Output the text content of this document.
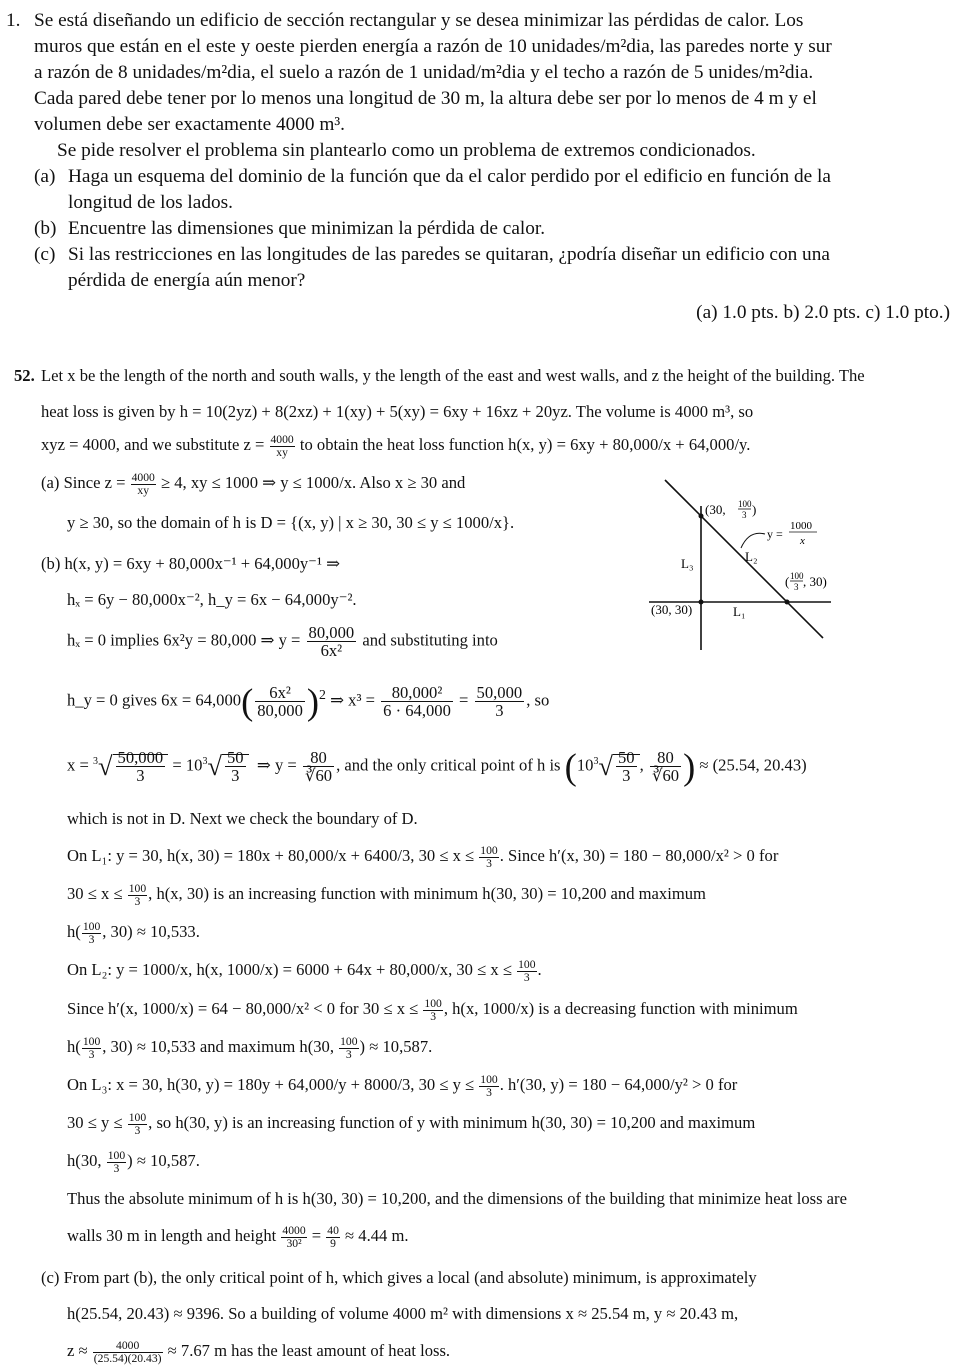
1. Se está diseñando un edificio de sección rectangular y se desea minimizar las pérdidas de calor. Los
muros que están en el este y oeste pierden energía a razón de 10 unidades/m²dia, las paredes norte y sur
a razón de 8 unidades/m²dia, el suelo a razón de 1 unidad/m²dia y el techo a razón de 5 unides/m²dia.
Cada pared debe tener por lo menos una longitud de 30 m, la altura debe ser por lo menos de 4 m y el
volumen debe ser exactamente 4000 m³.
Se pide resolver el problema sin plantearlo como un problema de extremos condicionados.
(a) Haga un esquema del dominio de la función que da el calor perdido por el edificio en función de la
longitud de los lados.
(b) Encuentre las dimensiones que minimizan la pérdida de calor.
(c) Si las restricciones en las longitudes de las paredes se quitaran, ¿podría diseñar un edificio con una
pérdida de energía aún menor?
(a) 1.0 pts. b) 2.0 pts. c) 1.0 pto.)
52. Let x be the length of the north and south walls, y the length of the east and west walls, and z the height of the building. The
heat loss is given by h = 10(2yz) + 8(2xz) + 1(xy) + 5(xy) = 6xy + 16xz + 20yz. The volume is 4000 m³, so
xyz = 4000, and we substitute $z = \frac{4000}{xy}$ to obtain the heat loss function h(x, y) = 6xy + 80,000/x + 64,000/y.
(a) Since $z = \frac{4000}{xy} \ge 4$, xy ≤ 1000 ⇒ y ≤ 1000/x. Also x ≥ 30 and
y ≥ 30, so the domain of h is D = {(x, y) | x ≥ 30, 30 ≤ y ≤ 1000/x}.
(b) h(x, y) = 6xy + 80,000x⁻¹ + 64,000y⁻¹ ⇒
hₓ = 6y − 80,000x⁻², h_y = 6x − 64,000y⁻².
hₓ = 0 implies 6x²y = 80,000 ⇒ $y = \frac{80,000}{\text{6x²}}$ and substituting into
h_y = 0 gives $6x = 64,000( \frac{\text{6x²}}{80,000} )^2$ ⇒ $x^3 = \frac{\text{80,000²}}{6 \cdot 64,000} = \frac{50,000}{3}$ , so
$x = ^3√ \frac{50,000}{3} = 10^3√ \frac{50}{3}$ ⇒ $y = \frac{80}{∛60}$ , and the only critical point of h is ($10^3√ \frac{50}{3}$ , $\frac{80}{∛60}$ ) ≈ (25.54, 20.43)
which is not in D. Next we check the boundary of D.
On L₁: y = 30, h(x, 30) = 180x + 80,000/x + 6400/3, $30 \le x \le \frac{100}{3}$ . Since h′(x, 30) = 180 − 80,000/x² > 0 for
$30 \le x \le \frac{100}{3}$ , h(x, 30) is an increasing function with minimum h(30, 30) = 10,200 and maximum
$h( \frac{100}{3}$ , 30) ≈ 10,533.
On L₂: y = 1000/x, h(x, 1000/x) = 6000 + 64x + 80,000/x, $30 \le x \le \frac{100}{3}$ .
Since h′(x, 1000/x) = 64 − 80,000/x² < 0 for $30 \le x \le \frac{100}{3}$ , h(x, 1000/x) is a decreasing function with minimum
$h( \frac{100}{3}$ , 30) ≈ 10,533 and maximum h(30, $\frac{100}{3}$ ) ≈ 10,587.
On L₃: x = 30, h(30, y) = 180y + 64,000/y + 8000/3, $30 \le y \le \frac{100}{3}$ . h′(30, y) = 180 − 64,000/y² > 0 for
$30 \le y \le \frac{100}{3}$ , so h(30, y) is an increasing function of y with minimum h(30, 30) = 10,200 and maximum
h(30, $\frac{100}{3}$ ) ≈ 10,587.
Thus the absolute minimum of h is h(30, 30) = 10,200, and the dimensions of the building that minimize heat loss are
walls 30 m in length and height $\frac{4000}{\text{30²}} = \frac{40}{9} \approx 4.44$ m.
(c) From part (b), the only critical point of h, which gives a local (and absolute) minimum, is approximately
h(25.54, 20.43) ≈ 9396. So a building of volume 4000 m² with dimensions x ≈ 25.54 m, y ≈ 20.43 m,
$z \approx \frac{4000}{(25.54)(20.43)} \approx 7.67$ m has the least amount of heat loss.
(30, 100
3 )
y =
1000
x
L₃	L₂
L₁
( 100
3 , 30)
(30, 30)
